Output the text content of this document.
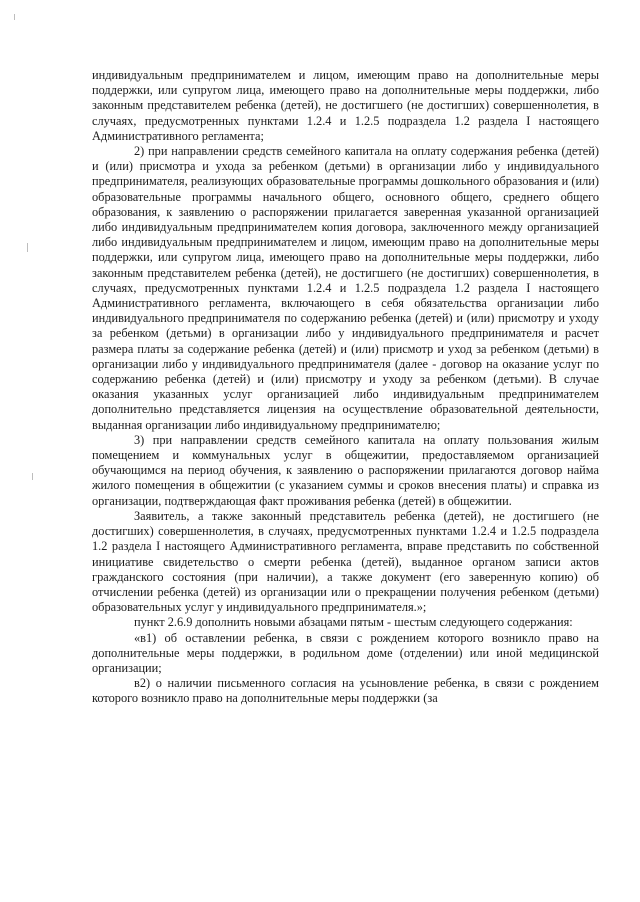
индивидуальным предпринимателем и лицом, имеющим право на дополнительные меры поддержки, или супругом лица, имеющего право на дополнительные меры поддержки, либо законным представителем ребенка (детей), не достигшего (не достигших) совершеннолетия, в случаях, предусмотренных пунктами 1.2.4 и 1.2.5 подраздела 1.2 раздела I настоящего Административного регламента;

2) при направлении средств семейного капитала на оплату содержания ребенка (детей) и (или) присмотра и ухода за ребенком (детьми) в организации либо у индивидуального предпринимателя, реализующих образовательные программы дошкольного образования и (или) образовательные программы начального общего, основного общего, среднего общего образования, к заявлению о распоряжении прилагается заверенная указанной организацией либо индивидуальным предпринимателем копия договора, заключенного между организацией либо индивидуальным предпринимателем и лицом, имеющим право на дополнительные меры поддержки, или супругом лица, имеющего право на дополнительные меры поддержки, либо законным представителем ребенка (детей), не достигшего (не достигших) совершеннолетия, в случаях, предусмотренных пунктами 1.2.4 и 1.2.5 подраздела 1.2 раздела I настоящего Административного регламента, включающего в себя обязательства организации либо индивидуального предпринимателя по содержанию ребенка (детей) и (или) присмотру и уходу за ребенком (детьми) в организации либо у индивидуального предпринимателя и расчет размера платы за содержание ребенка (детей) и (или) присмотр и уход за ребенком (детьми) в организации либо у индивидуального предпринимателя (далее - договор на оказание услуг по содержанию ребенка (детей) и (или) присмотру и уходу за ребенком (детьми). В случае оказания указанных услуг организацией либо индивидуальным предпринимателем дополнительно представляется лицензия на осуществление образовательной деятельности, выданная организации либо индивидуальному предпринимателю;

3) при направлении средств семейного капитала на оплату пользования жилым помещением и коммунальных услуг в общежитии, предоставляемом организацией обучающимся на период обучения, к заявлению о распоряжении прилагаются договор найма жилого помещения в общежитии (с указанием суммы и сроков внесения платы) и справка из организации, подтверждающая факт проживания ребенка (детей) в общежитии.

Заявитель, а также законный представитель ребенка (детей), не достигшего (не достигших) совершеннолетия, в случаях, предусмотренных пунктами 1.2.4 и 1.2.5 подраздела 1.2 раздела I настоящего Административного регламента, вправе представить по собственной инициативе свидетельство о смерти ребенка (детей), выданное органом записи актов гражданского состояния (при наличии), а также документ (его заверенную копию) об отчислении ребенка (детей) из организации или о прекращении получения ребенком (детьми) образовательных услуг у индивидуального предпринимателя.»;

пункт 2.6.9 дополнить новыми абзацами пятым - шестым следующего содержания:

«в1) об оставлении ребенка, в связи с рождением которого возникло право на дополнительные меры поддержки, в родильном доме (отделении) или иной медицинской организации;

в2) о наличии письменного согласия на усыновление ребенка, в связи с рождением которого возникло право на дополнительные меры поддержки (за
